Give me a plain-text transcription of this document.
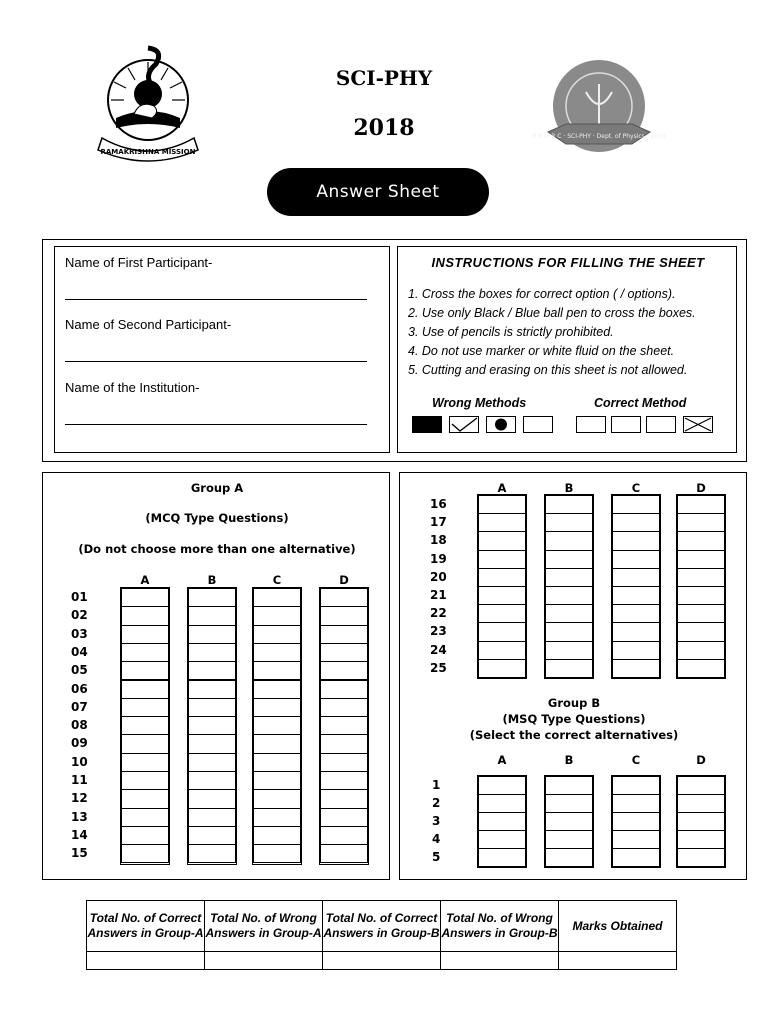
RAMAKRISHNA MISSION
SCI-PHY
2018	R K M R C · SCI-PHY · Dept. of Physics · 2018
Answer Sheet
Name of First Participant-
Name of Second Participant-
Name of the Institution-
INSTRUCTIONS FOR FILLING THE SHEET
1. Cross the boxes for correct option ( / options).
2. Use only Black / Blue ball pen to cross the boxes.
3. Use of pencils is strictly prohibited.
4. Do not use marker or white fluid on the sheet.
5. Cutting and erasing on this sheet is not allowed.
Wrong Methods	Correct Method
Group A
(MCQ Type Questions)
(Do not choose more than one alternative)
A	B	C	D
01
02
03
04
05
06
07
08
09
10
11
12
13
14
15
A	B	C	D
16
17
18
19
20
21
22
23
24
25
Group B
(MSQ Type Questions)
(Select the correct alternatives)
A	B	C	D
1
2
3
4
5
Total No. of Correct Answers in Group-A	Total No. of Wrong Answers in Group-A	Total No. of Correct Answers in Group-B	Total No. of Wrong Answers in Group-B	Marks Obtained
